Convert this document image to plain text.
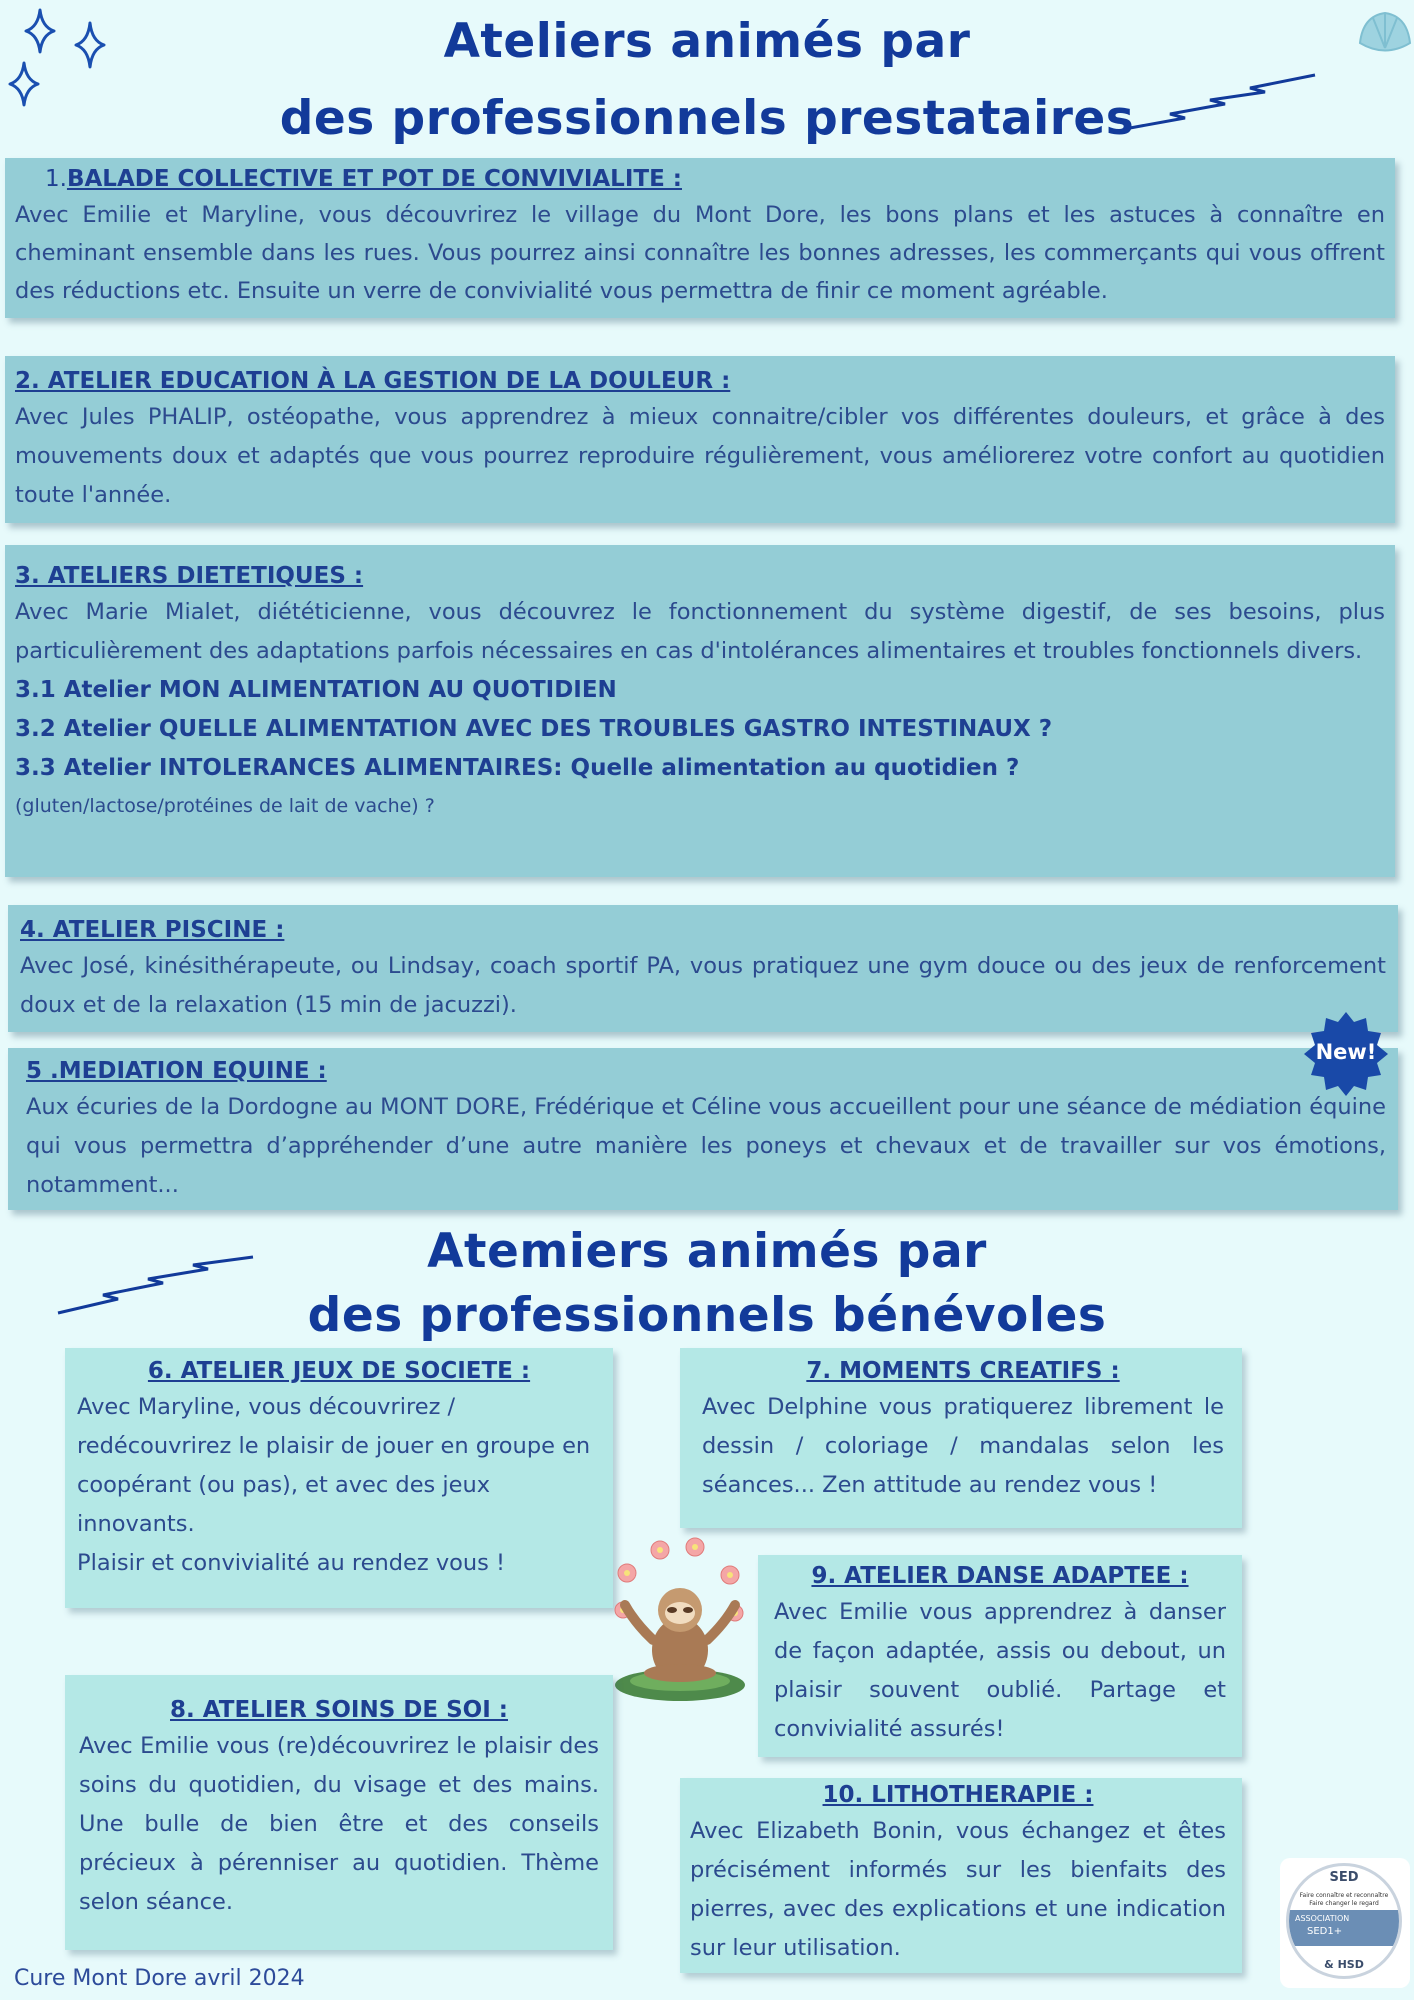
Ateliers animés par
des professionnels prestataires
1.BALADE COLLECTIVE ET POT DE CONVIVIALITE :
Avec Emilie et Maryline, vous découvrirez le village du Mont Dore, les bons plans et les astuces à connaître en cheminant ensemble dans les rues. Vous pourrez ainsi connaître les bonnes adresses, les commerçants qui vous offrent des réductions etc. Ensuite un verre de convivialité vous permettra de finir ce moment agréable.
2. ATELIER EDUCATION À LA GESTION DE LA DOULEUR :
Avec Jules PHALIP, ostéopathe, vous apprendrez à mieux connaitre/cibler vos différentes douleurs, et grâce à des mouvements doux et adaptés que vous pourrez reproduire régulièrement, vous améliorerez votre confort au quotidien toute l'année.
3. ATELIERS DIETETIQUES :
Avec Marie Mialet, diététicienne, vous découvrez le fonctionnement du système digestif, de ses besoins, plus particulièrement des adaptations parfois nécessaires en cas d'intolérances alimentaires et troubles fonctionnels divers.
3.1 Atelier MON ALIMENTATION AU QUOTIDIEN
3.2 Atelier QUELLE ALIMENTATION AVEC DES TROUBLES GASTRO INTESTINAUX ?
3.3 Atelier INTOLERANCES ALIMENTAIRES: Quelle alimentation au quotidien ?
(gluten/lactose/protéines de lait de vache) ?
4. ATELIER PISCINE :
Avec José, kinésithérapeute, ou Lindsay, coach sportif PA, vous pratiquez une gym douce ou des jeux de renforcement doux et de la relaxation (15 min de jacuzzi).
5 .MEDIATION EQUINE :
Aux écuries de la Dordogne au MONT DORE, Frédérique et Céline vous accueillent pour une séance de médiation équine qui vous permettra d’appréhender d’une autre manière les poneys et chevaux et de travailler sur vos émotions, notamment...
New!
Atemiers animés par
des professionnels bénévoles
6. ATELIER JEUX DE SOCIETE :
Avec Maryline, vous découvrirez / redécouvrirez le plaisir de jouer en groupe en coopérant (ou pas), et avec des jeux innovants.
Plaisir et convivialité au rendez vous !
7. MOMENTS CREATIFS :
Avec Delphine vous pratiquerez librement le dessin / coloriage / mandalas selon les séances... Zen attitude au rendez vous !
9. ATELIER DANSE ADAPTEE :
Avec Emilie vous apprendrez à danser de façon adaptée, assis ou debout, un plaisir souvent oublié. Partage et convivialité assurés!
8. ATELIER SOINS DE SOI :
Avec Emilie vous (re)découvrirez le plaisir des soins du quotidien, du visage et des mains. Une bulle de bien être et des conseils précieux à pérenniser au quotidien. Thème selon séance.
10. LITHOTHERAPIE :
Avec Elizabeth Bonin, vous échangez et êtes précisément informés sur les bienfaits des pierres, avec des explications et une indication sur leur utilisation.
SED
Faire connaître et reconnaître
Faire changer le regard
ASSOCIATION
SED1+
& HSD
Cure Mont Dore avril 2024
